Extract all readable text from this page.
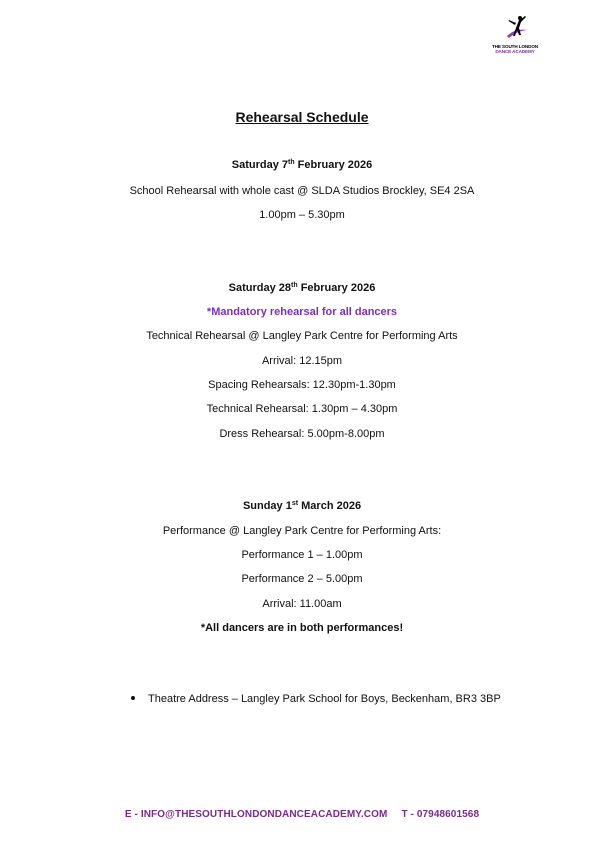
THE SOUTH LONDON
DANCE ACADEMY
Rehearsal Schedule
Saturday 7th February 2026
School Rehearsal with whole cast @ SLDA Studios Brockley, SE4 2SA
1.00pm – 5.30pm
Saturday 28th February 2026
*Mandatory rehearsal for all dancers
Technical Rehearsal @ Langley Park Centre for Performing Arts
Arrival: 12.15pm
Spacing Rehearsals: 12.30pm-1.30pm
Technical Rehearsal: 1.30pm – 4.30pm
Dress Rehearsal: 5.00pm-8.00pm
Sunday 1st March 2026
Performance @ Langley Park Centre for Performing Arts:
Performance 1 – 1.00pm
Performance 2 – 5.00pm
Arrival: 11.00am
*All dancers are in both performances!
Theatre Address – Langley Park School for Boys, Beckenham, BR3 3BP
E - INFO@THESOUTHLONDONDANCEACADEMY.COM T - 07948601568
